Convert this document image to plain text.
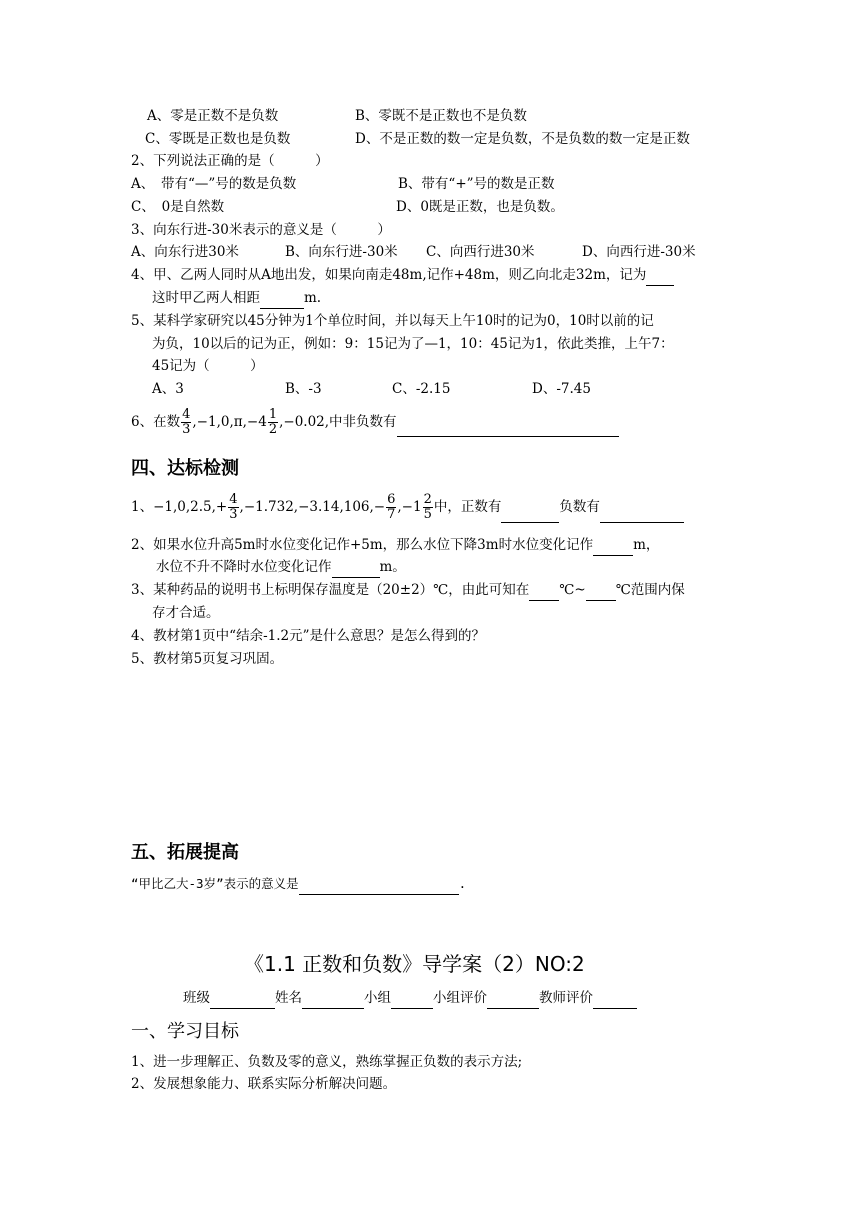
A、零是正数不是负数	B、零既不是正数也不是负数
C、零既是正数也是负数	D、不是正数的数一定是负数，不是负数的数一定是正数
2、下列说法正确的是（　　　）
A、　带有“—”号的数是负数	B、带有“+”号的数是正数
C、　0是自然数	D、0既是正数，也是负数。
3、向东行进-30米表示的意义是（　　　）
A、向东行进30米	B、向东行进-30米 C、向西行进30米	D、向西行进-30米
4、甲、乙两人同时从A地出发，如果向南走48m,记作+48m，则乙向北走32m，记为
这时甲乙两人相距	m.
5、某科学家研究以45分钟为1个单位时间，并以每天上午10时的记为0，10时以前的记
为负，10以后的记为正，例如：9：15记为了—1，10：45记为1，依此类推，上午7：
45记为（　　　）
A、3	B、-3	C、-2.15	D、-7.45
6、在数 $\frac{4}{3} ,-1,0,\pi,-4 \frac{1}{2} ,-0.02$,中非负数有
四、达标检测
1、$-1,0,2.5,+ \frac{4}{3} ,-1.732,-3.14,106,- \frac{6}{7} ,-1 \frac{2}{5}$ 中，正数有	负数有
2、如果水位升高5m时水位变化记作+5m，那么水位下降3m时水位变化记作	m，
水位不升不降时水位变化记作	m。
3、某种药品的说明书上标明保存温度是（20±2）℃，由此可知在 ℃~ ℃范围内保
存才合适。
4、教材第1页中“结余-1.2元”是什么意思？是怎么得到的？
5、教材第5页复习巩固。
五、拓展提高
“甲比乙大-3岁”表示的意义是	.
《1.1 正数和负数》导学案（2）NO:2
班级	姓名	小组	小组评价	教师评价
一、学习目标
1、进一步理解正、负数及零的意义，熟练掌握正负数的表示方法;
2、发展想象能力、联系实际分析解决问题。
